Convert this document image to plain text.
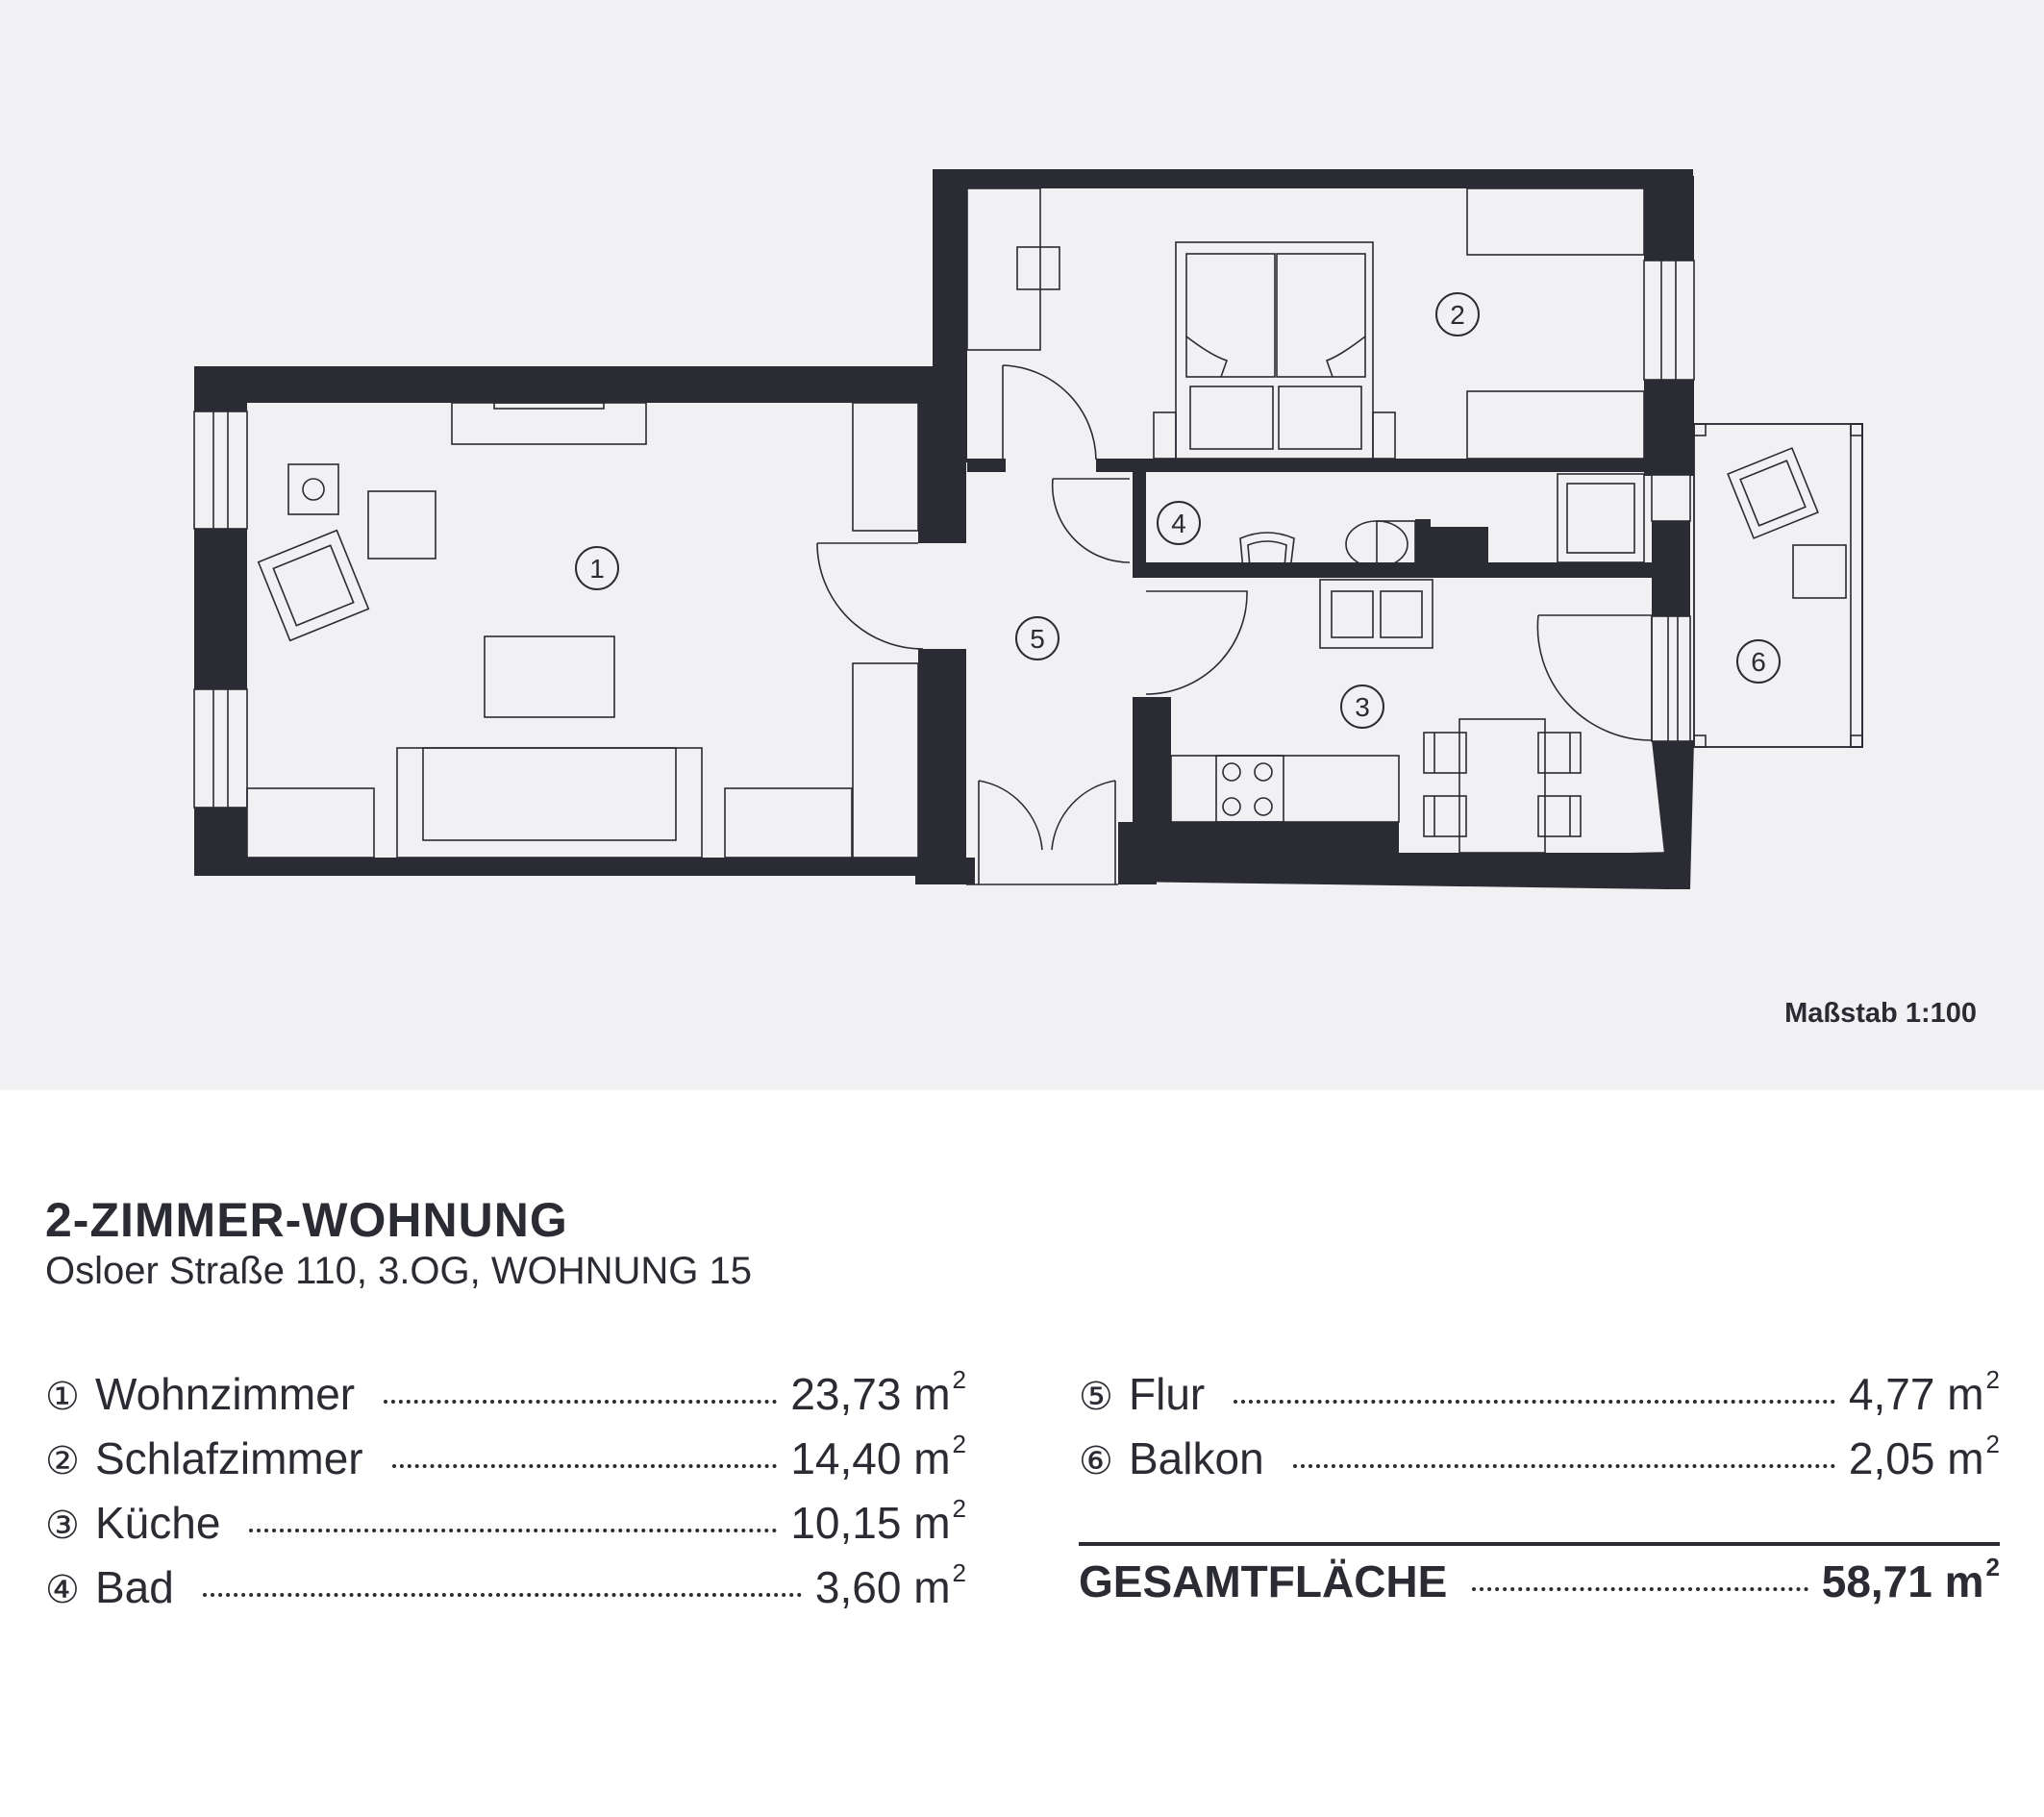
1
2
3
4
5
6
Maßstab 1:100
2-ZIMMER-WOHNUNG
Osloer Straße 110, 3.OG, WOHNUNG 15
① Wohnzimmer	23,73 $m^2$
② Schlafzimmer	14,40 $m^2$
③ Küche	10,15 $m^2$
④ Bad	3,60 $m^2$
⑤ Flur	4,77 $m^2$
⑥ Balkon	2,05 $m^2$
GESAMTFLÄCHE	58,71 $m^2$
